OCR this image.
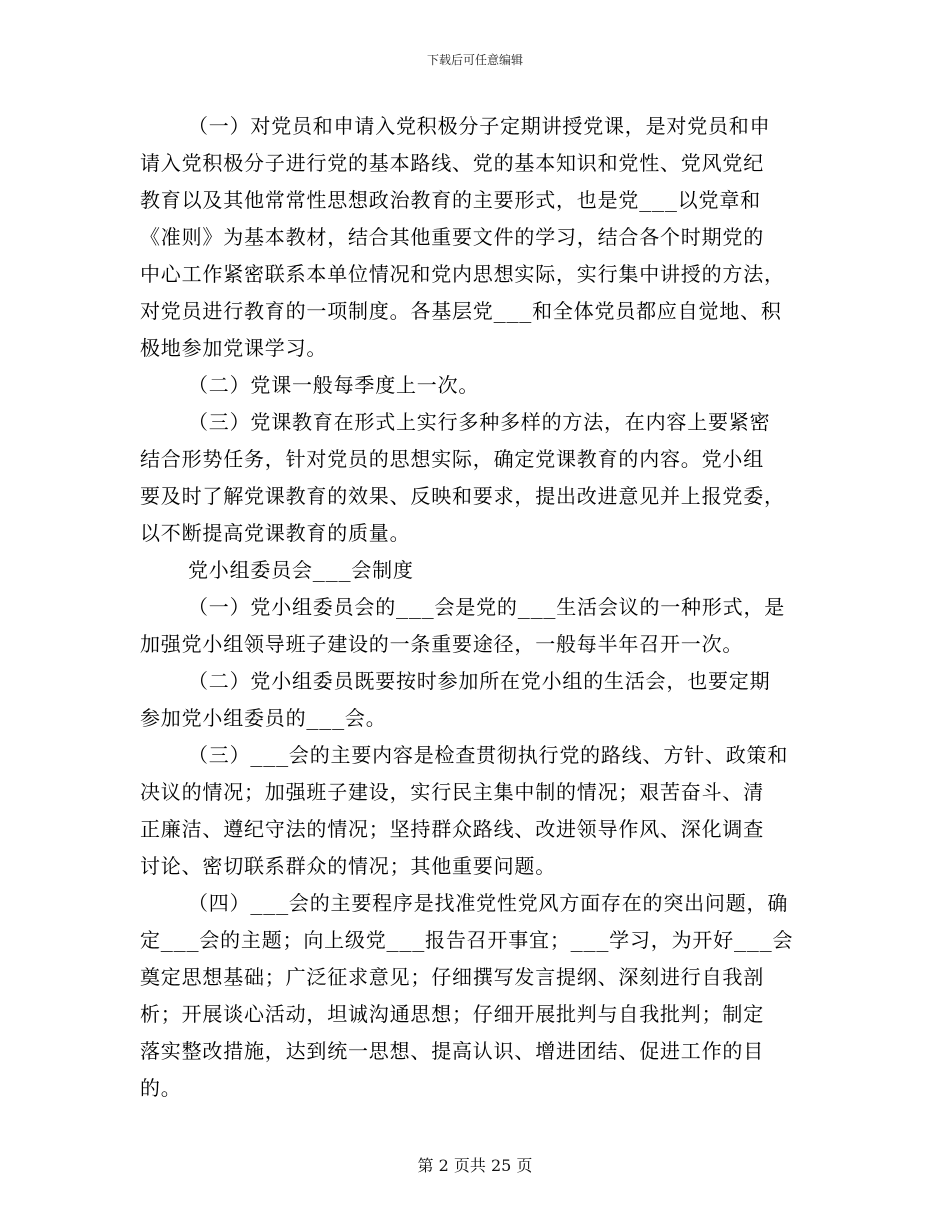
下载后可任意编辑

（一）对党员和申请入党积极分子定期讲授党课，是对党员和申
请入党积极分子进行党的基本路线、党的基本知识和党性、党风党纪
教育以及其他常常性思想政治教育的主要形式，也是党___以党章和
《准则》为基本教材，结合其他重要文件的学习，结合各个时期党的
中心工作紧密联系本单位情况和党内思想实际，实行集中讲授的方法，
对党员进行教育的一项制度。各基层党___和全体党员都应自觉地、积
极地参加党课学习。

（二）党课一般每季度上一次。

（三）党课教育在形式上实行多种多样的方法，在内容上要紧密
结合形势任务，针对党员的思想实际，确定党课教育的内容。党小组
要及时了解党课教育的效果、反映和要求，提出改进意见并上报党委，
以不断提高党课教育的质量。

党小组委员会___会制度

（一）党小组委员会的___会是党的___生活会议的一种形式，是
加强党小组领导班子建设的一条重要途径，一般每半年召开一次。

（二）党小组委员既要按时参加所在党小组的生活会，也要定期
参加党小组委员的___会。

（三）___会的主要内容是检查贯彻执行党的路线、方针、政策和
决议的情况；加强班子建设，实行民主集中制的情况；艰苦奋斗、清
正廉洁、遵纪守法的情况；坚持群众路线、改进领导作风、深化调查
讨论、密切联系群众的情况；其他重要问题。

（四）___会的主要程序是找准党性党风方面存在的突出问题，确
定___会的主题；向上级党___报告召开事宜；___学习，为开好___会
奠定思想基础；广泛征求意见；仔细撰写发言提纲、深刻进行自我剖
析；开展谈心活动，坦诚沟通思想；仔细开展批判与自我批判；制定
落实整改措施，达到统一思想、提高认识、增进团结、促进工作的目
的。

第 2 页共 25 页
